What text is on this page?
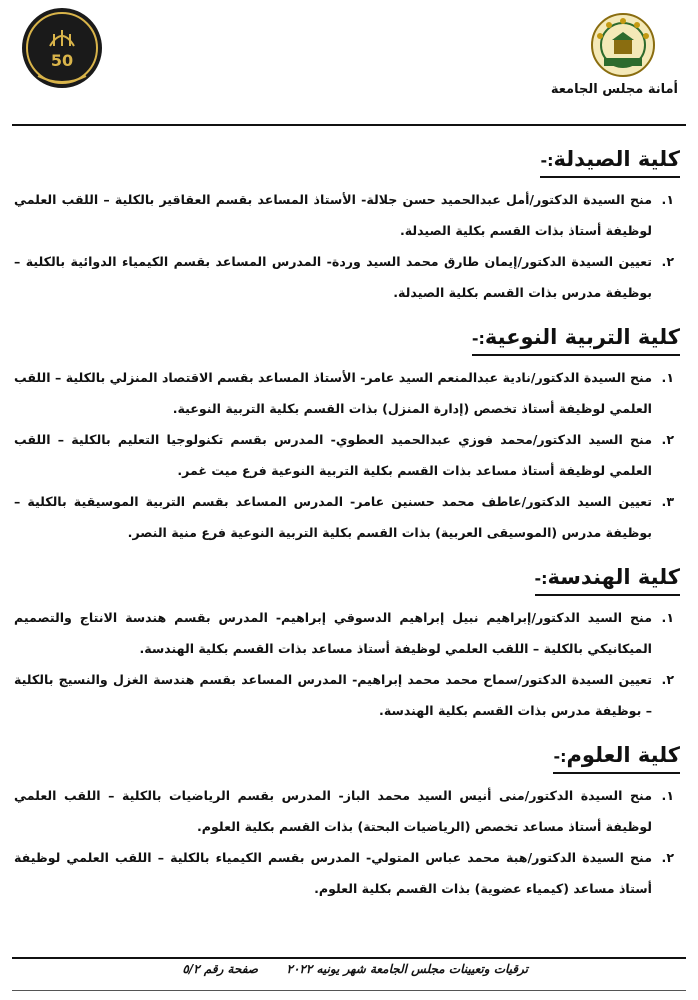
أمانة مجلس الجامعة
50
كلية الصيدلة:-
١.
منح السيدة الدكتور/أمل عبدالحميد حسن جلالة- الأستاذ المساعد بقسم العقاقير بالكلية – اللقب العلمي لوظيفة أستاذ بذات القسم بكلية الصيدلة.
٢.
تعيين السيدة الدكتور/إيمان طارق محمد السيد وردة- المدرس المساعد بقسم الكيمياء الدوائية بالكلية – بوظيفة مدرس بذات القسم بكلية الصيدلة.
كلية التربية النوعية:-
١.
منح السيدة الدكتور/نادية عبدالمنعم السيد عامر- الأستاذ المساعد بقسم الاقتصاد المنزلي بالكلية – اللقب العلمي لوظيفة أستاذ تخصص (إدارة المنزل) بذات القسم بكلية التربية النوعية.
٢.
منح السيد الدكتور/محمد فوزي عبدالحميد العطوي- المدرس بقسم تكنولوجيا التعليم بالكلية – اللقب العلمي لوظيفة أستاذ مساعد بذات القسم بكلية التربية النوعية فرع ميت غمر.
٣.
تعيين السيد الدكتور/عاطف محمد حسنين عامر- المدرس المساعد بقسم التربية الموسيقية بالكلية – بوظيفة مدرس (الموسيقى العربية) بذات القسم بكلية التربية النوعية فرع منية النصر.
كلية الهندسة:-
١.
منح السيد الدكتور/إبراهيم نبيل إبراهيم الدسوقي إبراهيم- المدرس بقسم هندسة الانتاج والتصميم الميكانيكي بالكلية – اللقب العلمي لوظيفة أستاذ مساعد بذات القسم بكلية الهندسة.
٢.
تعيين السيدة الدكتور/سماح محمد محمد إبراهيم- المدرس المساعد بقسم هندسة الغزل والنسيج بالكلية – بوظيفة مدرس بذات القسم بكلية الهندسة.
كلية العلوم:-
١.
منح السيدة الدكتور/منى أنيس السيد محمد الباز- المدرس بقسم الرياضيات بالكلية – اللقب العلمي لوظيفة أستاذ مساعد تخصص (الرياضيات البحتة) بذات القسم بكلية العلوم.
٢.
منح السيدة الدكتور/هبة محمد عباس المتولي- المدرس بقسم الكيمياء بالكلية – اللقب العلمي لوظيفة أستاذ مساعد (كيمياء عضوية) بذات القسم بكلية العلوم.
ترقيات وتعيينات مجلس الجامعة شهر يونيه ٢٠٢٢
صفحة رقم ٥/٢
